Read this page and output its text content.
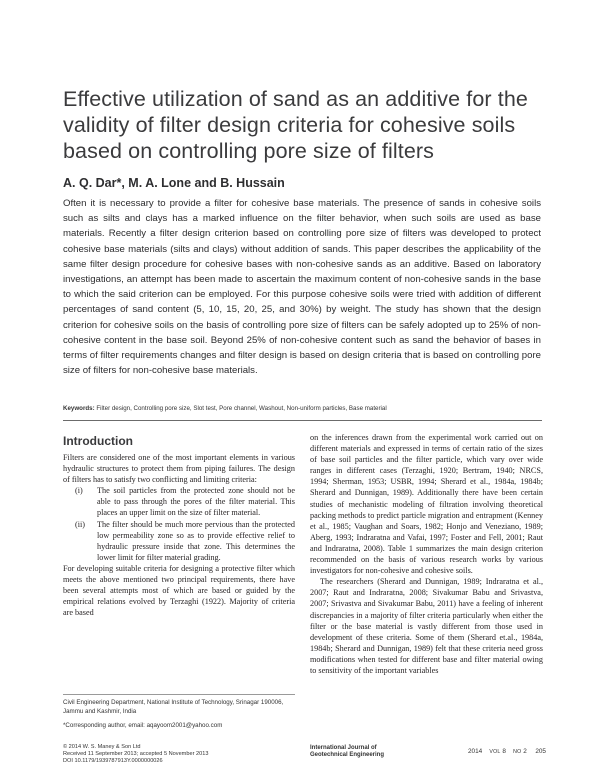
Effective utilization of sand as an additive for the validity of filter design criteria for cohesive soils based on controlling pore size of filters
A. Q. Dar*, M. A. Lone and B. Hussain
Often it is necessary to provide a filter for cohesive base materials. The presence of sands in cohesive soils such as silts and clays has a marked influence on the filter behavior, when such soils are used as base materials. Recently a filter design criterion based on controlling pore size of filters was developed to protect cohesive base materials (silts and clays) without addition of sands. This paper describes the applicability of the same filter design procedure for cohesive bases with non-cohesive sands as an additive. Based on laboratory investigations, an attempt has been made to ascertain the maximum content of non-cohesive sands in the base to which the said criterion can be employed. For this purpose cohesive soils were tried with addition of different percentages of sand content (5, 10, 15, 20, 25, and 30%) by weight. The study has shown that the design criterion for cohesive soils on the basis of controlling pore size of filters can be safely adopted up to 25% of non-cohesive content in the base soil. Beyond 25% of non-cohesive content such as sand the behavior of bases in terms of filter requirements changes and filter design is based on design criteria that is based on controlling pore size of filters for non-cohesive base materials.
Keywords: Filter design, Controlling pore size, Slot test, Pore channel, Washout, Non-uniform particles, Base material
Introduction

Filters are considered one of the most important elements in various hydraulic structures to protect them from piping failures. The design of filters has to satisfy two conflicting and limiting criteria:

(i)	The soil particles from the protected zone should not be able to pass through the pores of the filter material. This places an upper limit on the size of filter material.
(ii)	The filter should be much more pervious than the protected low permeability zone so as to provide effective relief to hydraulic pressure inside that zone. This determines the lower limit for filter material grading.

For developing suitable criteria for designing a protective filter which meets the above mentioned two principal requirements, there have been several attempts most of which are based or guided by the empirical relations evolved by Terzaghi (1922). Majority of criteria are based

on the inferences drawn from the experimental work carried out on different materials and expressed in terms of certain ratio of the sizes of base soil particles and the filter particle, which vary over wide ranges in different cases (Terzaghi, 1920; Bertram, 1940; NRCS, 1994; Sherman, 1953; USBR, 1994; Sherard et al., 1984a, 1984b; Sherard and Dunnigan, 1989). Additionally there have been certain studies of mechanistic modeling of filtration involving theoretical packing methods to predict particle migration and entrapment (Kenney et al., 1985; Vaughan and Soars, 1982; Honjo and Veneziano, 1989; Aberg, 1993; Indraratna and Vafai, 1997; Foster and Fell, 2001; Raut and Indraratna, 2008). Table 1 summarizes the main design criterion recommended on the basis of various research works by various investigators for non-cohesive and cohesive soils.

The researchers (Sherard and Dunnigan, 1989; Indraratna et al., 2007; Raut and Indraratna, 2008; Sivakumar Babu and Srivastva, 2007; Srivastva and Sivakumar Babu, 2011) have a feeling of inherent discrepancies in a majority of filter criteria particularly when either the filter or the base material is vastly different from those used in development of these criteria. Some of them (Sherard et.al., 1984a, 1984b; Sherard and Dunnigan, 1989) felt that these criteria need gross modifications when tested for different base and filter material owing to sensitivity of the important variables

Civil Engineering Department, National Institute of Technology, Srinagar 190006, Jammu and Kashmir, India
*Corresponding author, email: aqayoom2001@yahoo.com
© 2014 W. S. Maney & Son Ltd
Received 11 September 2013; accepted 5 November 2013
DOI 10.1179/1939787913Y.0000000026
International Journal of
Geotechnical Engineering	2014 VOL 8 NO 2	205
